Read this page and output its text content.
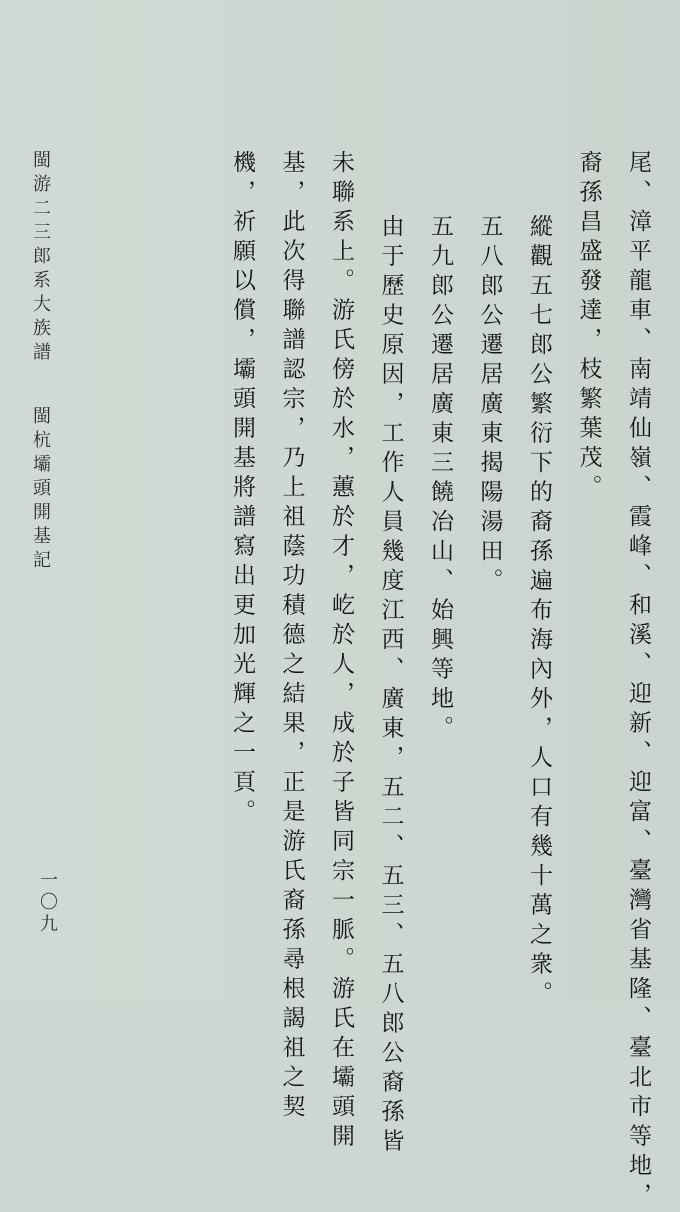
閩游二三郎系大族譜閩杭壩頭開基記
一〇九	尾、漳平龍車、南靖仙嶺、霞峰、和溪、迎新、迎富、臺灣省基隆、臺北市等地，
裔孫昌盛發達，枝繁葉茂。
縱觀五七郎公繁衍下的裔孫遍布海內外，人口有幾十萬之衆。
五八郎公遷居廣東揭陽湯田。
五九郎公遷居廣東三饒冶山、始興等地。
由于歷史原因，工作人員幾度江西、廣東，五二、五三、五八郎公裔孫皆
未聯系上。游氏傍於水，蕙於才，屹於人，成於子皆同宗一脈。游氏在壩頭開
基，此次得聯譜認宗，乃上祖蔭功積德之結果，正是游氏裔孫尋根謁祖之契
機，祈願以償，壩頭開基將譜寫出更加光輝之一頁。
